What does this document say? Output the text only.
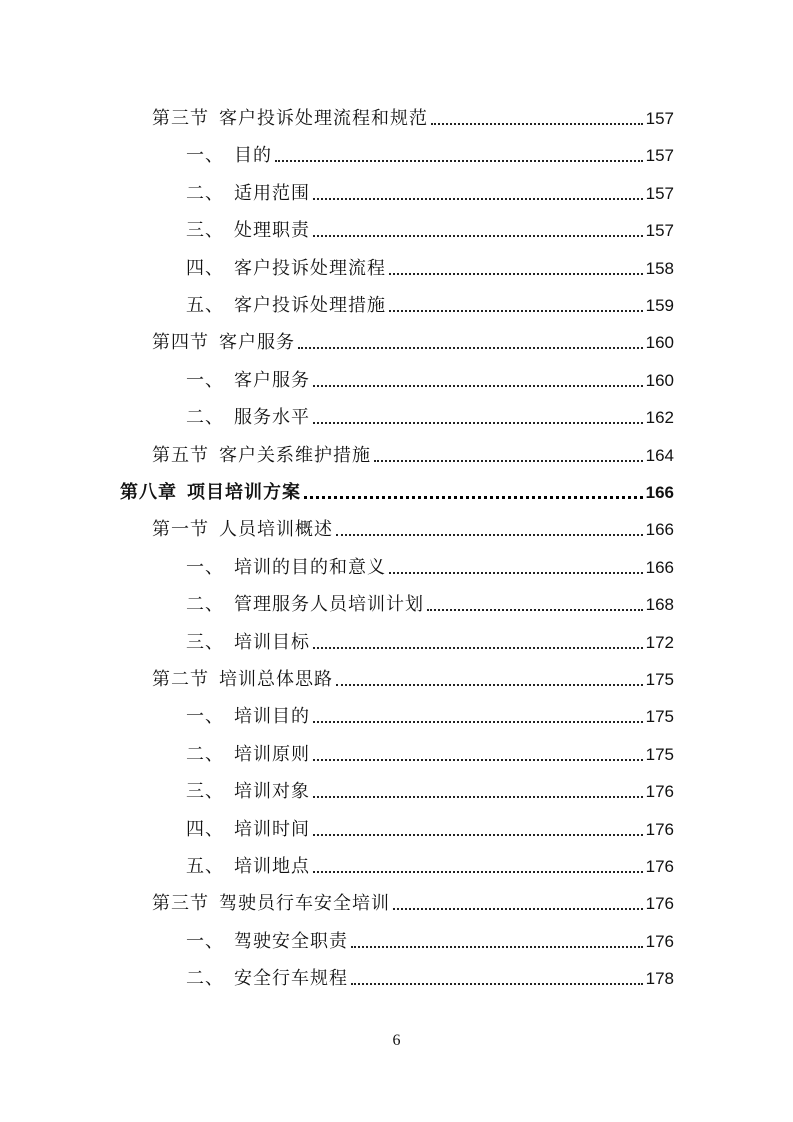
第三节 客户投诉处理流程和规范	157
一、 目的	157
二、 适用范围	157
三、 处理职责	157
四、 客户投诉处理流程	158
五、 客户投诉处理措施	159
第四节 客户服务	160
一、 客户服务	160
二、 服务水平	162
第五节 客户关系维护措施	164
第八章 项目培训方案	166
第一节 人员培训概述	166
一、 培训的目的和意义	166
二、 管理服务人员培训计划	168
三、 培训目标	172
第二节 培训总体思路	175
一、 培训目的	175
二、 培训原则	175
三、 培训对象	176
四、 培训时间	176
五、 培训地点	176
第三节 驾驶员行车安全培训	176
一、 驾驶安全职责	176
二、 安全行车规程	178
6
